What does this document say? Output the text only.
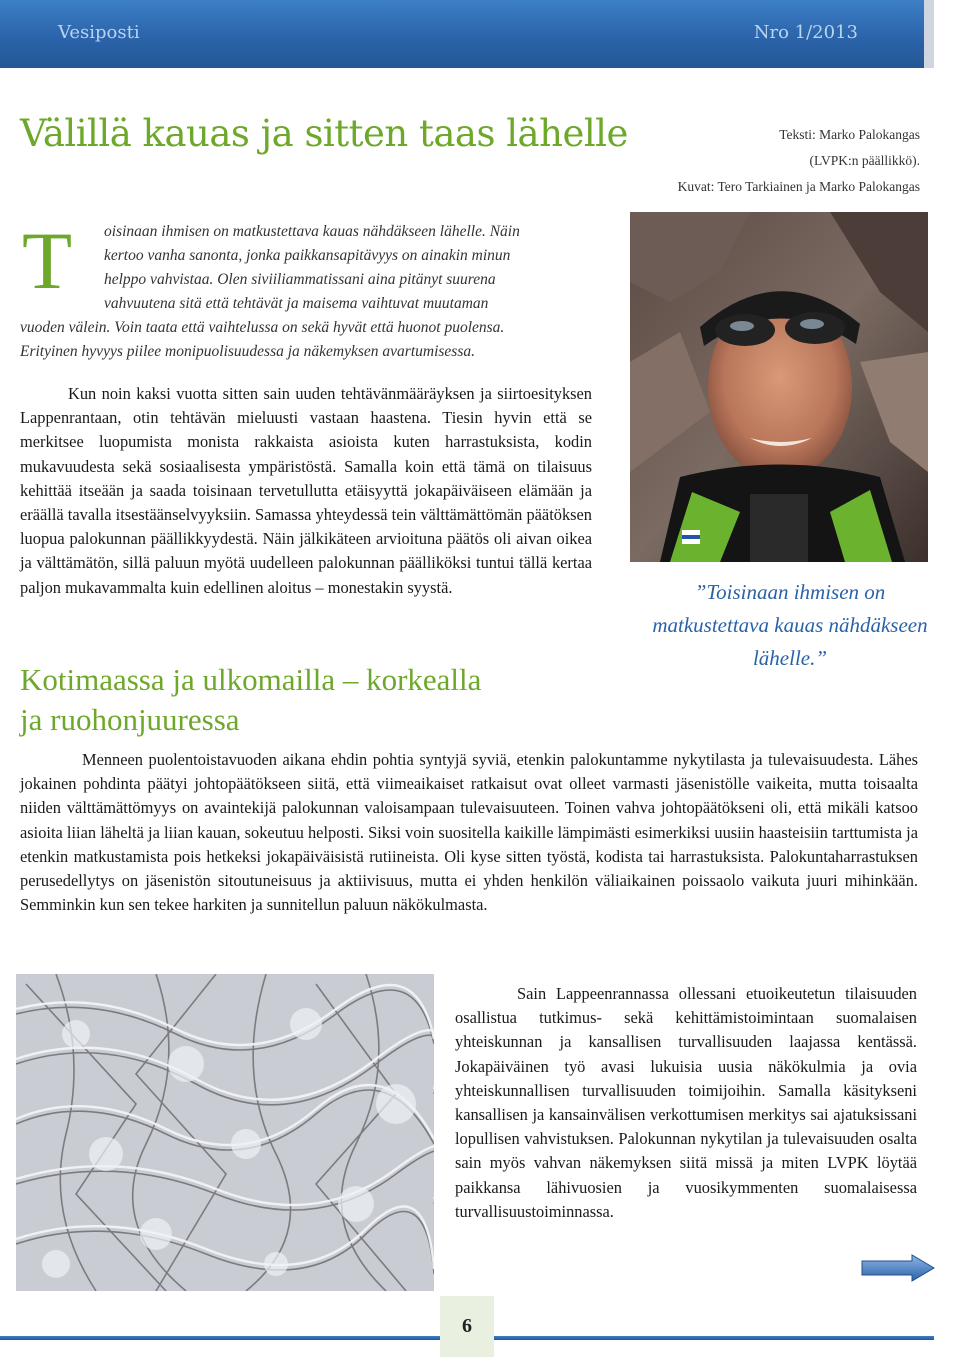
Vesiposti	Nro 1/2013
Välillä kauas ja sitten taas lähelle	Teksti: Marko Palokangas
(LVPK:n päällikkö).
Kuvat: Tero Tarkiainen ja Marko Palokangas
T oisinaan ihmisen on matkustettava kauas nähdäkseen lähelle. Näin
kertoo vanha sanonta, jonka paikkansapitävyys on ainakin minun
helppo vahvistaa. Olen siviiliammatissani aina pitänyt suurena
vahvuutena sitä että tehtävät ja maisema vaihtuvat muutaman
vuoden välein. Voin taata että vaihtelussa on sekä hyvät että huonot puolensa.
Erityinen hyvyys piilee monipuolisuudessa ja näkemyksen avartumisessa.
Kun noin kaksi vuotta sitten sain uuden tehtävänmääräyksen ja siirtoesityksen Lappenrantaan, otin tehtävän mieluusti vastaan haastena. Tiesin hyvin että se merkitsee luopumista monista rakkaista asioista kuten harrastuksista, kodin mukavuudesta sekä sosiaalisesta ympäristöstä. Samalla koin että tämä on tilaisuus kehittää itseään ja saada toisinaan tervetullutta etäisyyttä jokapäiväiseen elämään ja eräällä tavalla itsestäänselvyyksiin. Samassa yhteydessä tein välttämättömän päätöksen luopua palokunnan päällikkyydestä. Näin jälkikäteen arvioituna päätös oli aivan oikea ja välttämätön, sillä paluun myötä uudelleen palokunnan päälliköksi tuntui tällä kertaa paljon mukavammalta kuin edellinen aloitus – monestakin syystä.
Kotimaassa ja ulkomailla – korkealla
ja ruohonjuuressa
”Toisinaan ihmisen on matkustettava kauas nähdäkseen lähelle.”
Menneen puolentoistavuoden aikana ehdin pohtia syntyjä syviä, etenkin palokuntamme nykytilasta ja tulevaisuudesta. Lähes jokainen pohdinta päätyi johtopäätökseen siitä, että viimeaikaiset ratkaisut ovat olleet varmasti jäsenistölle vaikeita, mutta toisaalta niiden välttämättömyys on avaintekijä palokunnan valoisampaan tulevaisuuteen. Toinen vahva johtopäätökseni oli, että mikäli katsoo asioita liian läheltä ja liian kauan, sokeutuu helposti. Siksi voin suositella kaikille lämpimästi esimerkiksi uusiin haasteisiin tarttumista ja etenkin matkustamista pois hetkeksi jokapäiväisistä rutiineista. Oli kyse sitten työstä, kodista tai harrastuksista. Palokuntaharrastuksen perusedellytys on jäsenistön sitoutuneisuus ja aktiivisuus, mutta ei yhden henkilön väliaikainen poissaolo vaikuta juuri mihinkään. Semminkin kun sen tekee harkiten ja sunnitellun paluun näkökulmasta.
Sain Lappeenrannassa ollessani etuoikeutetun tilaisuuden osallistua tutkimus- sekä kehittämistoimintaan suomalaisen yhteiskunnan ja kansallisen turvallisuuden laajassa kentässä. Jokapäiväinen työ avasi lukuisia uusia näkökulmia ja ovia yhteiskunnallisen turvallisuuden toimijoihin. Samalla käsitykseni kansallisen ja kansainvälisen verkottumisen merkitys sai ajatuksissani lopullisen vahvistuksen. Palokunnan nykytilan ja tulevaisuuden osalta sain myös vahvan näkemyksen siitä missä ja miten LVPK löytää paikkansa lähivuosien ja vuosikymmenten suomalaisessa turvallisuustoiminnassa.
6
